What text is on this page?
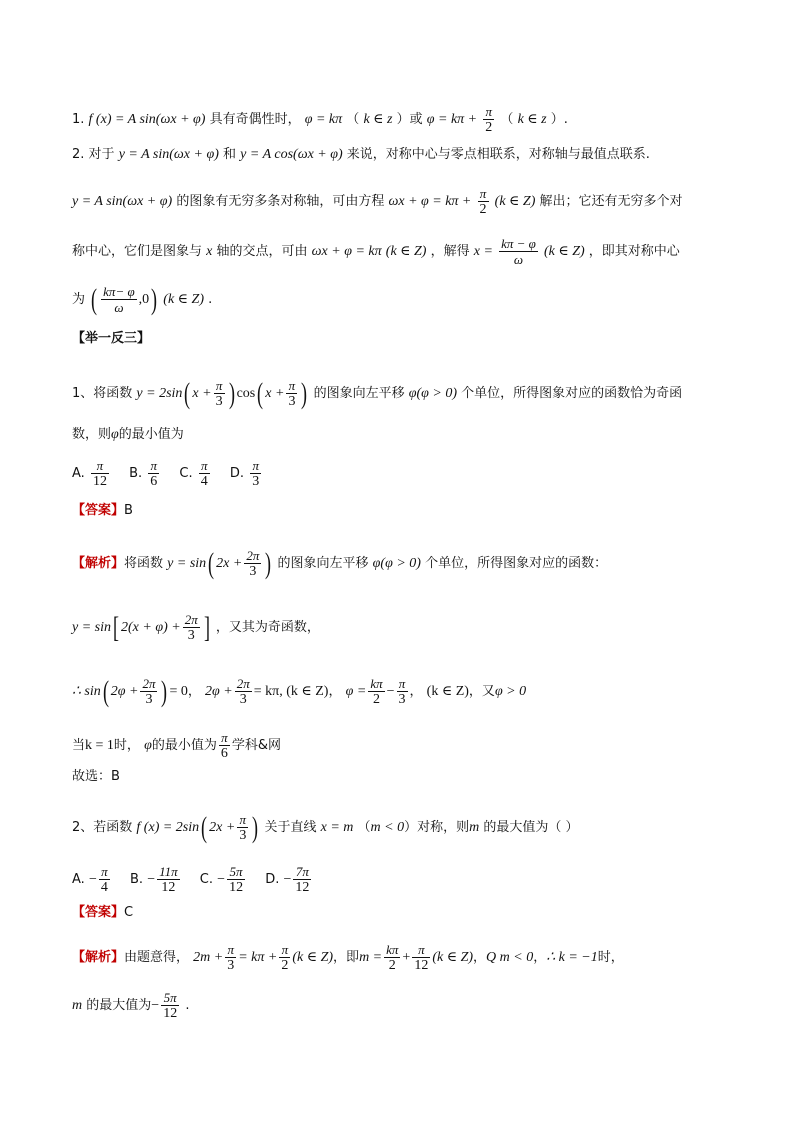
1. f (x) = A sin(ωx + φ) 具有奇偶性时， φ = kπ （ k ∈ z ）或 $\varphi = k\pi + \frac{\pi}{2}$ （ k ∈ z ）.
2. 对于 y = A sin(ωx + φ) 和 y = A cos(ωx + φ) 来说，对称中心与零点相联系，对称轴与最值点联系.
y = A sin(ωx + φ) 的图象有无穷多条对称轴，可由方程 $\omega x + \varphi = k\pi + \frac{\pi}{2} (k$ ∈ Z) 解出；它还有无穷多个对
称中心，它们是图象与 x 轴的交点，可由 ωx + φ = kπ (k ∈ Z) ，解得 $x = \frac{k\pi - \varphi}{\omega} (k$ ∈ Z) ，即其对称中心
为 ( $\frac{k\pi- \varphi}{\omega} ,0$) (k ∈ Z) .
【举一反三】
1、将函数 y = 2sin( $x + \frac{\pi}{3}$ ) cos( $x + \frac{\pi}{3}$ ) 的图象向左平移 φ(φ > 0) 个单位，所得图象对应的函数恰为奇函
数，则φ的最小值为
A. $\frac{\pi}{12} B$. $\frac{\pi}{6} C$. $\frac{\pi}{4} D$. $\frac{\pi}{3}$
【答案】B
【解析】将函数 y = sin( $2x + \frac{2\pi}{3}$ ) 的图象向左平移 φ(φ > 0) 个单位，所得图象对应的函数：
y = sin[ $2(x + \varphi) + \frac{2\pi}{3}$ ] ，又其为奇函数，
∴ sin( $2\varphi + \frac{2\pi}{3}$ ) = 0， $2\varphi + \frac{2\pi}{3} = k\pi$, (k ∈ Z)， $\varphi = \frac{k\pi}{2} - \frac{\pi}{3}$ ， (k ∈ Z)，又φ > 0
当k = 1时， φ的最小值为 $\frac{\pi}{6}$ 学科&网
故选：B
2、若函数 f (x) = 2sin( $2x + \frac{\pi}{3}$ ) 关于直线 x = m （m < 0）对称，则m 的最大值为（ ）
A. − $\frac{\pi}{4} B$. − $\frac{11\pi}{12} C$. − $\frac{5\pi}{12} D$. − $\frac{7\pi}{12}$
【答案】C
【解析】由题意得， $2m + \frac{\pi}{3} = k\pi + \frac{\pi}{2} (k$ ∈ Z)，即$m = \frac{k\pi}{2} + \frac{\pi}{12} (k$ ∈ Z)，Q m < 0，∴ k = −1时，
m 的最大值为− $\frac{5\pi}{12}$ .
